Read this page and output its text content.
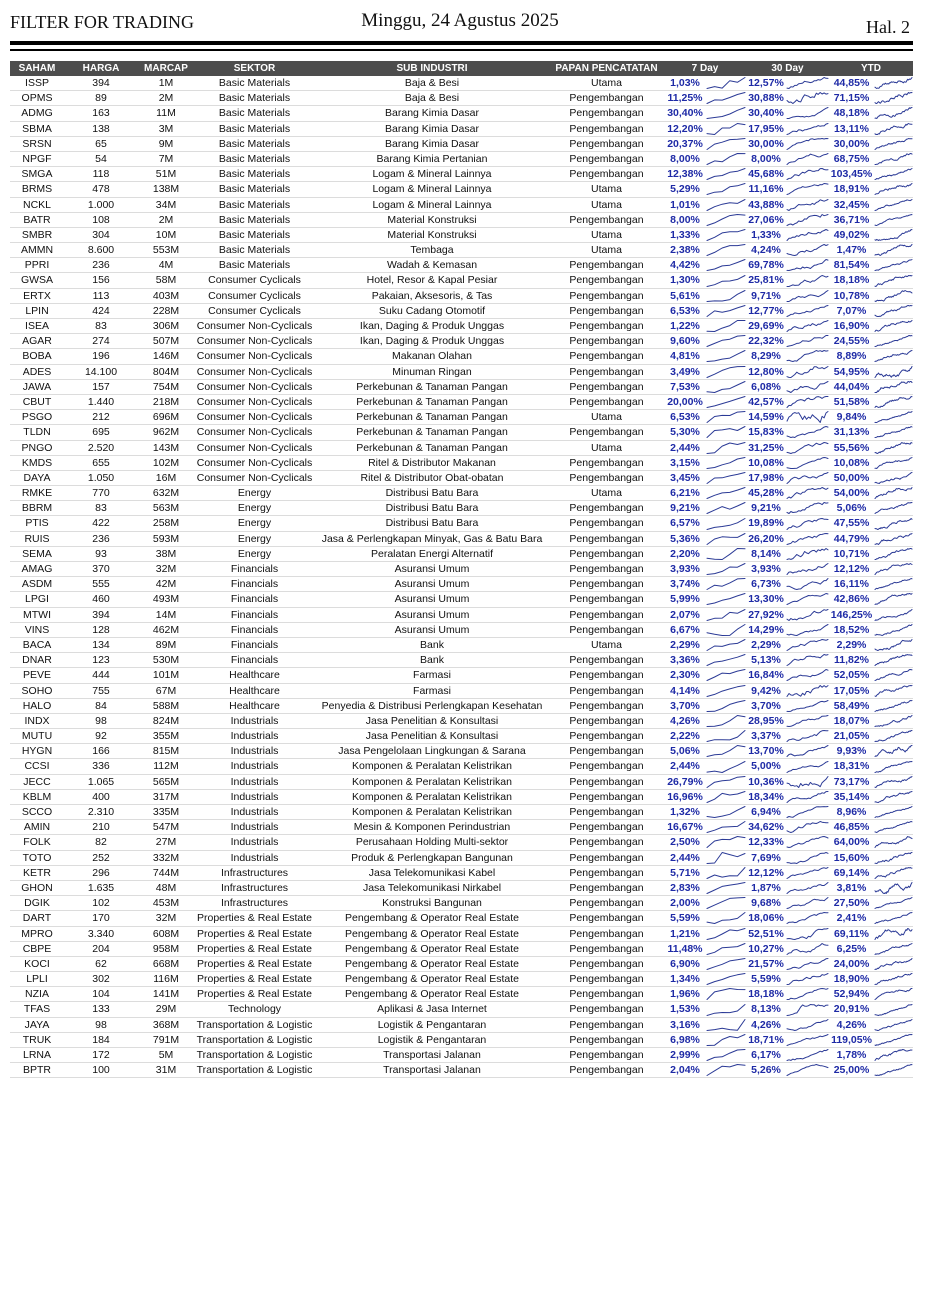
FILTER FOR TRADING	Minggu, 24 Agustus 2025	Hal. 2
SAHAM	HARGA	MARCAP	SEKTOR	SUB INDUSTRI	PAPAN PENCATATAN	7 Day	30 Day	YTD
ISSP	394	1M	Basic Materials	Baja & Besi	Utama	1,03%	12,57%	44,85%
OPMS	89	2M	Basic Materials	Baja & Besi	Pengembangan	11,25%	30,88%	71,15%
ADMG	163	11M	Basic Materials	Barang Kimia Dasar	Pengembangan	30,40%	30,40%	48,18%
SBMA	138	3M	Basic Materials	Barang Kimia Dasar	Pengembangan	12,20%	17,95%	13,11%
SRSN	65	9M	Basic Materials	Barang Kimia Dasar	Pengembangan	20,37%	30,00%	30,00%
NPGF	54	7M	Basic Materials	Barang Kimia Pertanian	Pengembangan	8,00%	8,00%	68,75%
SMGA	118	51M	Basic Materials	Logam & Mineral Lainnya	Pengembangan	12,38%	45,68%	103,45%
BRMS	478	138M	Basic Materials	Logam & Mineral Lainnya	Utama	5,29%	11,16%	18,91%
NCKL	1.000	34M	Basic Materials	Logam & Mineral Lainnya	Utama	1,01%	43,88%	32,45%
BATR	108	2M	Basic Materials	Material Konstruksi	Pengembangan	8,00%	27,06%	36,71%
SMBR	304	10M	Basic Materials	Material Konstruksi	Utama	1,33%	1,33%	49,02%
AMMN	8.600	553M	Basic Materials	Tembaga	Utama	2,38%	4,24%	1,47%
PPRI	236	4M	Basic Materials	Wadah & Kemasan	Pengembangan	4,42%	69,78%	81,54%
GWSA	156	58M	Consumer Cyclicals	Hotel, Resor & Kapal Pesiar	Pengembangan	1,30%	25,81%	18,18%
ERTX	113	403M	Consumer Cyclicals	Pakaian, Aksesoris, & Tas	Pengembangan	5,61%	9,71%	10,78%
LPIN	424	228M	Consumer Cyclicals	Suku Cadang Otomotif	Pengembangan	6,53%	12,77%	7,07%
ISEA	83	306M	Consumer Non-Cyclicals	Ikan, Daging & Produk Unggas	Pengembangan	1,22%	29,69%	16,90%
AGAR	274	507M	Consumer Non-Cyclicals	Ikan, Daging & Produk Unggas	Pengembangan	9,60%	22,32%	24,55%
BOBA	196	146M	Consumer Non-Cyclicals	Makanan Olahan	Pengembangan	4,81%	8,29%	8,89%
ADES	14.100	804M	Consumer Non-Cyclicals	Minuman Ringan	Pengembangan	3,49%	12,80%	54,95%
JAWA	157	754M	Consumer Non-Cyclicals	Perkebunan & Tanaman Pangan	Pengembangan	7,53%	6,08%	44,04%
CBUT	1.440	218M	Consumer Non-Cyclicals	Perkebunan & Tanaman Pangan	Pengembangan	20,00%	42,57%	51,58%
PSGO	212	696M	Consumer Non-Cyclicals	Perkebunan & Tanaman Pangan	Utama	6,53%	14,59%	9,84%
TLDN	695	962M	Consumer Non-Cyclicals	Perkebunan & Tanaman Pangan	Pengembangan	5,30%	15,83%	31,13%
PNGO	2.520	143M	Consumer Non-Cyclicals	Perkebunan & Tanaman Pangan	Utama	2,44%	31,25%	55,56%
KMDS	655	102M	Consumer Non-Cyclicals	Ritel & Distributor Makanan	Pengembangan	3,15%	10,08%	10,08%
DAYA	1.050	16M	Consumer Non-Cyclicals	Ritel & Distributor Obat-obatan	Pengembangan	3,45%	17,98%	50,00%
RMKE	770	632M	Energy	Distribusi Batu Bara	Utama	6,21%	45,28%	54,00%
BBRM	83	563M	Energy	Distribusi Batu Bara	Pengembangan	9,21%	9,21%	5,06%
PTIS	422	258M	Energy	Distribusi Batu Bara	Pengembangan	6,57%	19,89%	47,55%
RUIS	236	593M	Energy	Jasa & Perlengkapan Minyak, Gas & Batu Bara	Pengembangan	5,36%	26,20%	44,79%
SEMA	93	38M	Energy	Peralatan Energi Alternatif	Pengembangan	2,20%	8,14%	10,71%
AMAG	370	32M	Financials	Asuransi Umum	Pengembangan	3,93%	3,93%	12,12%
ASDM	555	42M	Financials	Asuransi Umum	Pengembangan	3,74%	6,73%	16,11%
LPGI	460	493M	Financials	Asuransi Umum	Pengembangan	5,99%	13,30%	42,86%
MTWI	394	14M	Financials	Asuransi Umum	Pengembangan	2,07%	27,92%	146,25%
VINS	128	462M	Financials	Asuransi Umum	Pengembangan	6,67%	14,29%	18,52%
BACA	134	89M	Financials	Bank	Utama	2,29%	2,29%	2,29%
DNAR	123	530M	Financials	Bank	Pengembangan	3,36%	5,13%	11,82%
PEVE	444	101M	Healthcare	Farmasi	Pengembangan	2,30%	16,84%	52,05%
SOHO	755	67M	Healthcare	Farmasi	Pengembangan	4,14%	9,42%	17,05%
HALO	84	588M	Healthcare	Penyedia & Distribusi Perlengkapan Kesehatan	Pengembangan	3,70%	3,70%	58,49%
INDX	98	824M	Industrials	Jasa Penelitian & Konsultasi	Pengembangan	4,26%	28,95%	18,07%
MUTU	92	355M	Industrials	Jasa Penelitian & Konsultasi	Pengembangan	2,22%	3,37%	21,05%
HYGN	166	815M	Industrials	Jasa Pengelolaan Lingkungan & Sarana	Pengembangan	5,06%	13,70%	9,93%
CCSI	336	112M	Industrials	Komponen & Peralatan Kelistrikan	Pengembangan	2,44%	5,00%	18,31%
JECC	1.065	565M	Industrials	Komponen & Peralatan Kelistrikan	Pengembangan	26,79%	10,36%	73,17%
KBLM	400	317M	Industrials	Komponen & Peralatan Kelistrikan	Pengembangan	16,96%	18,34%	35,14%
SCCO	2.310	335M	Industrials	Komponen & Peralatan Kelistrikan	Pengembangan	1,32%	6,94%	8,96%
AMIN	210	547M	Industrials	Mesin & Komponen Perindustrian	Pengembangan	16,67%	34,62%	46,85%
FOLK	82	27M	Industrials	Perusahaan Holding Multi-sektor	Pengembangan	2,50%	12,33%	64,00%
TOTO	252	332M	Industrials	Produk & Perlengkapan Bangunan	Pengembangan	2,44%	7,69%	15,60%
KETR	296	744M	Infrastructures	Jasa Telekomunikasi Kabel	Pengembangan	5,71%	12,12%	69,14%
GHON	1.635	48M	Infrastructures	Jasa Telekomunikasi Nirkabel	Pengembangan	2,83%	1,87%	3,81%
DGIK	102	453M	Infrastructures	Konstruksi Bangunan	Pengembangan	2,00%	9,68%	27,50%
DART	170	32M	Properties & Real Estate	Pengembang & Operator Real Estate	Pengembangan	5,59%	18,06%	2,41%
MPRO	3.340	608M	Properties & Real Estate	Pengembang & Operator Real Estate	Pengembangan	1,21%	52,51%	69,11%
CBPE	204	958M	Properties & Real Estate	Pengembang & Operator Real Estate	Pengembangan	11,48%	10,27%	6,25%
KOCI	62	668M	Properties & Real Estate	Pengembang & Operator Real Estate	Pengembangan	6,90%	21,57%	24,00%
LPLI	302	116M	Properties & Real Estate	Pengembang & Operator Real Estate	Pengembangan	1,34%	5,59%	18,90%
NZIA	104	141M	Properties & Real Estate	Pengembang & Operator Real Estate	Pengembangan	1,96%	18,18%	52,94%
TFAS	133	29M	Technology	Aplikasi & Jasa Internet	Pengembangan	1,53%	8,13%	20,91%
JAYA	98	368M	Transportation & Logistic	Logistik & Pengantaran	Pengembangan	3,16%	4,26%	4,26%
TRUK	184	791M	Transportation & Logistic	Logistik & Pengantaran	Pengembangan	6,98%	18,71%	119,05%
LRNA	172	5M	Transportation & Logistic	Transportasi Jalanan	Pengembangan	2,99%	6,17%	1,78%
BPTR	100	31M	Transportation & Logistic	Transportasi Jalanan	Pengembangan	2,04%	5,26%	25,00%
